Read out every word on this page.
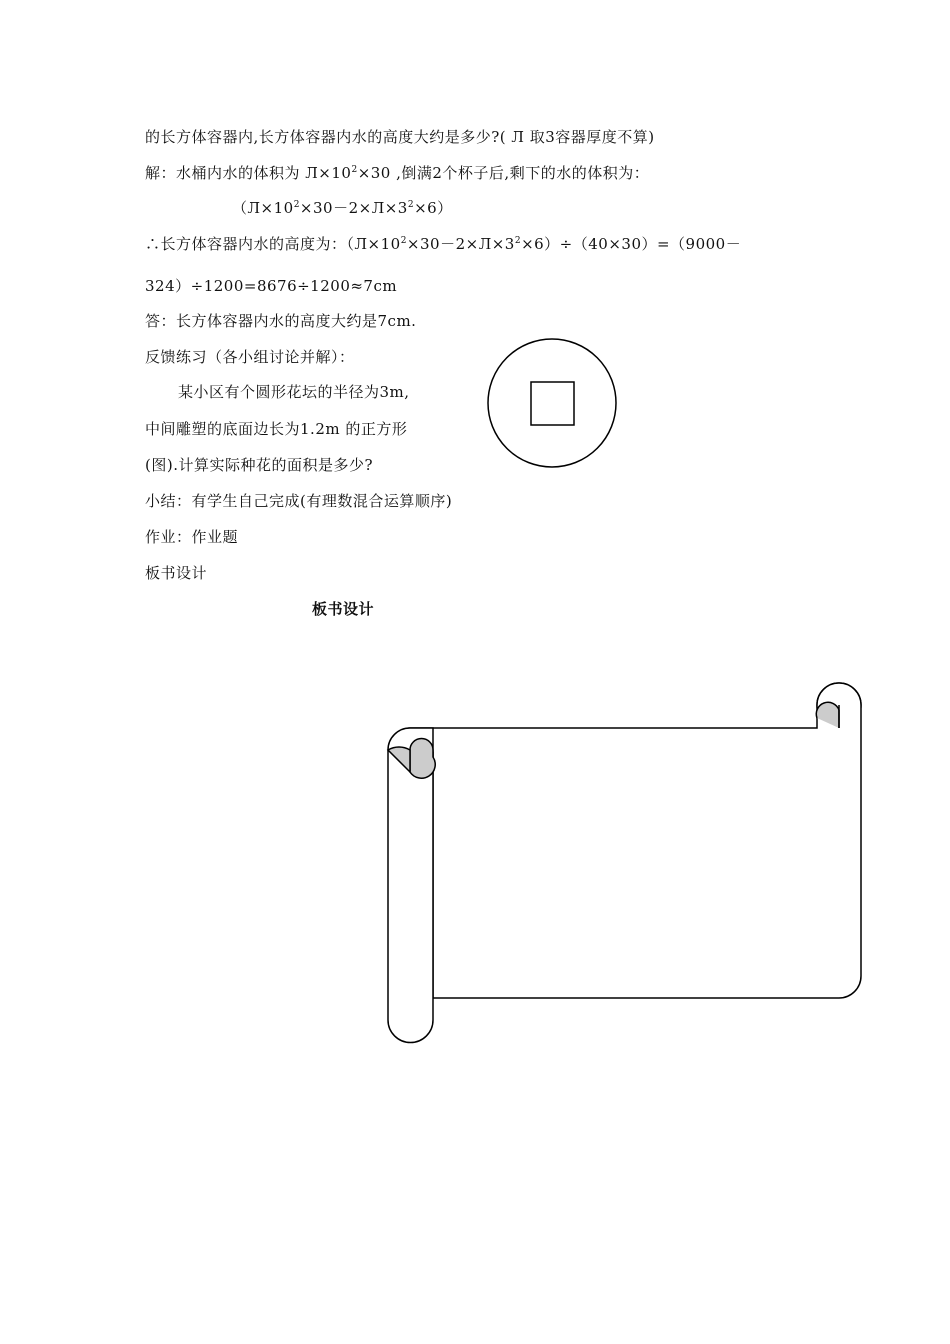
的长方体容器内,长方体容器内水的高度大约是多少?( Л 取3容器厚度不算)
解：水桶内水的体积为 $Л\times 10^2\times 30$ ,倒满2个杯子后,剩下的水的体积为：
$(Л\times 10^2\times 30-2\times Л\times 3^2\times 6)$
∴长方体容器内水的高度为：$(Л\times 10^2\times 30-2\times Л\times 3^2\times 6)\div(40\times 30)=(9000-$
324）÷1200=8676÷1200≈7cm
答：长方体容器内水的高度大约是7cm.
反馈练习（各小组讨论并解）：
某小区有个圆形花坛的半径为3m,
中间雕塑的底面边长为1.2m 的正方形
(图).计算实际种花的面积是多少?
小结：有学生自己完成(有理数混合运算顺序)
作业：作业题
板书设计
板书设计
